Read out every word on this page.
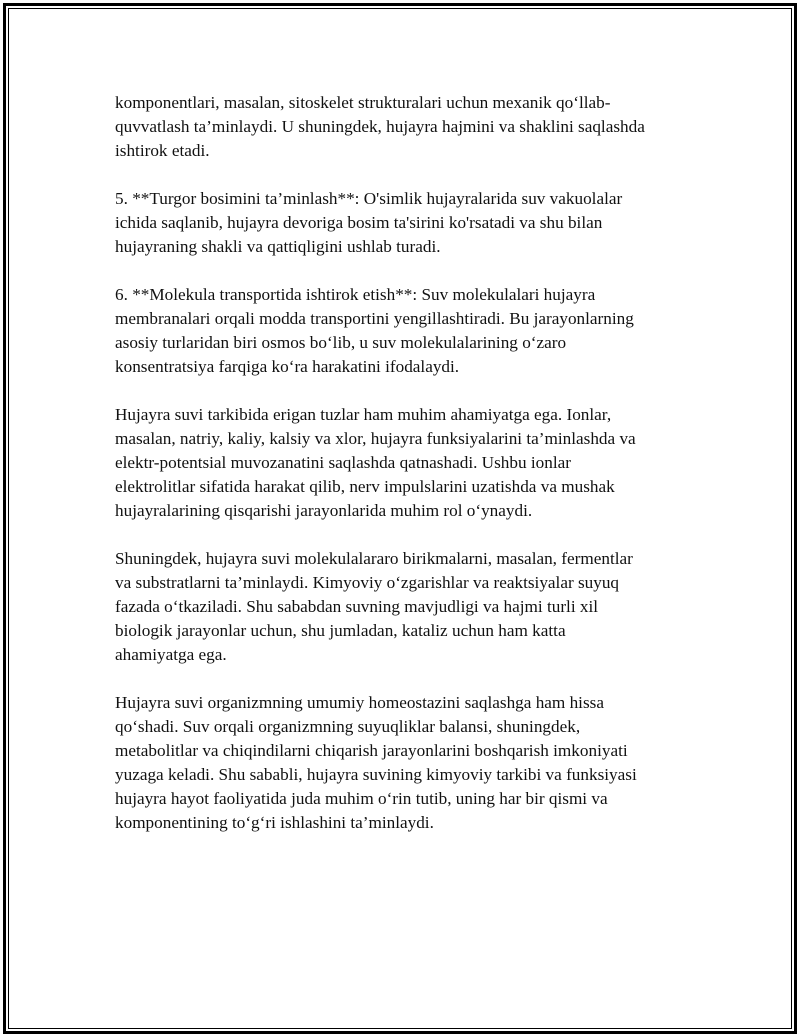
komponentlari, masalan, sitoskelet strukturalari uchun mexanik qo‘llab-
quvvatlash ta’minlaydi. U shuningdek, hujayra hajmini va shaklini saqlashda
ishtirok etadi.
5. **Turgor bosimini ta’minlash**: O'simlik hujayralarida suv vakuolalar
ichida saqlanib, hujayra devoriga bosim ta'sirini ko'rsatadi va shu bilan
hujayraning shakli va qattiqligini ushlab turadi.
6. **Molekula transportida ishtirok etish**: Suv molekulalari hujayra
membranalari orqali modda transportini yengillashtiradi. Bu jarayonlarning
asosiy turlaridan biri osmos bo‘lib, u suv molekulalarining o‘zaro
konsentratsiya farqiga ko‘ra harakatini ifodalaydi.
Hujayra suvi tarkibida erigan tuzlar ham muhim ahamiyatga ega. Ionlar,
masalan, natriy, kaliy, kalsiy va xlor, hujayra funksiyalarini ta’minlashda va
elektr-potentsial muvozanatini saqlashda qatnashadi. Ushbu ionlar
elektrolitlar sifatida harakat qilib, nerv impulslarini uzatishda va mushak
hujayralarining qisqarishi jarayonlarida muhim rol o‘ynaydi.
Shuningdek, hujayra suvi molekulalararo birikmalarni, masalan, fermentlar
va substratlarni ta’minlaydi. Kimyoviy o‘zgarishlar va reaktsiyalar suyuq
fazada o‘tkaziladi. Shu sababdan suvning mavjudligi va hajmi turli xil
biologik jarayonlar uchun, shu jumladan, kataliz uchun ham katta
ahamiyatga ega.
Hujayra suvi organizmning umumiy homeostazini saqlashga ham hissa
qo‘shadi. Suv orqali organizmning suyuqliklar balansi, shuningdek,
metabolitlar va chiqindilarni chiqarish jarayonlarini boshqarish imkoniyati
yuzaga keladi. Shu sababli, hujayra suvining kimyoviy tarkibi va funksiyasi
hujayra hayot faoliyatida juda muhim o‘rin tutib, uning har bir qismi va
komponentining to‘g‘ri ishlashini ta’minlaydi.
